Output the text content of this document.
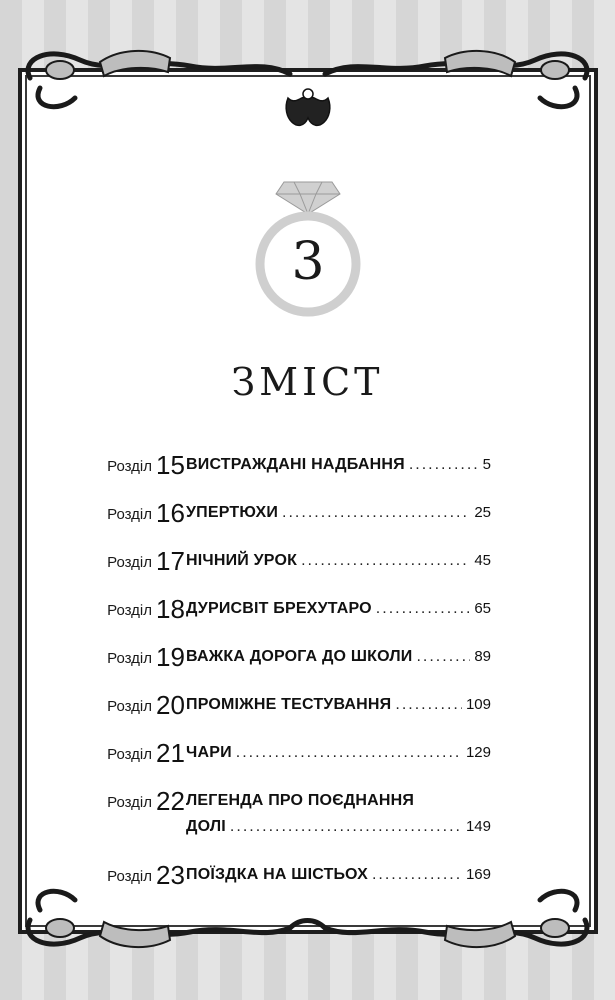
3
ЗМІСТ
Розділ 15 ВИСТРАЖДАНІ НАДБАННЯ .....	5
Розділ 16 УПЕРТЮХИ .....	25
Розділ 17 НІЧНИЙ УРОК .....	45
Розділ 18 ДУРИСВІТ БРЕХУТАРО .....	65
Розділ 19 ВАЖКА ДОРОГА ДО ШКОЛИ .....	89
Розділ 20 ПРОМІЖНЕ ТЕСТУВАННЯ .....	109
Розділ 21 ЧАРИ .....	129
Розділ 22 ЛЕГЕНДА ПРО ПОЄДНАННЯ
ДОЛІ .....	149
Розділ 23 ПОЇЗДКА НА ШІСТЬОХ .....	169
